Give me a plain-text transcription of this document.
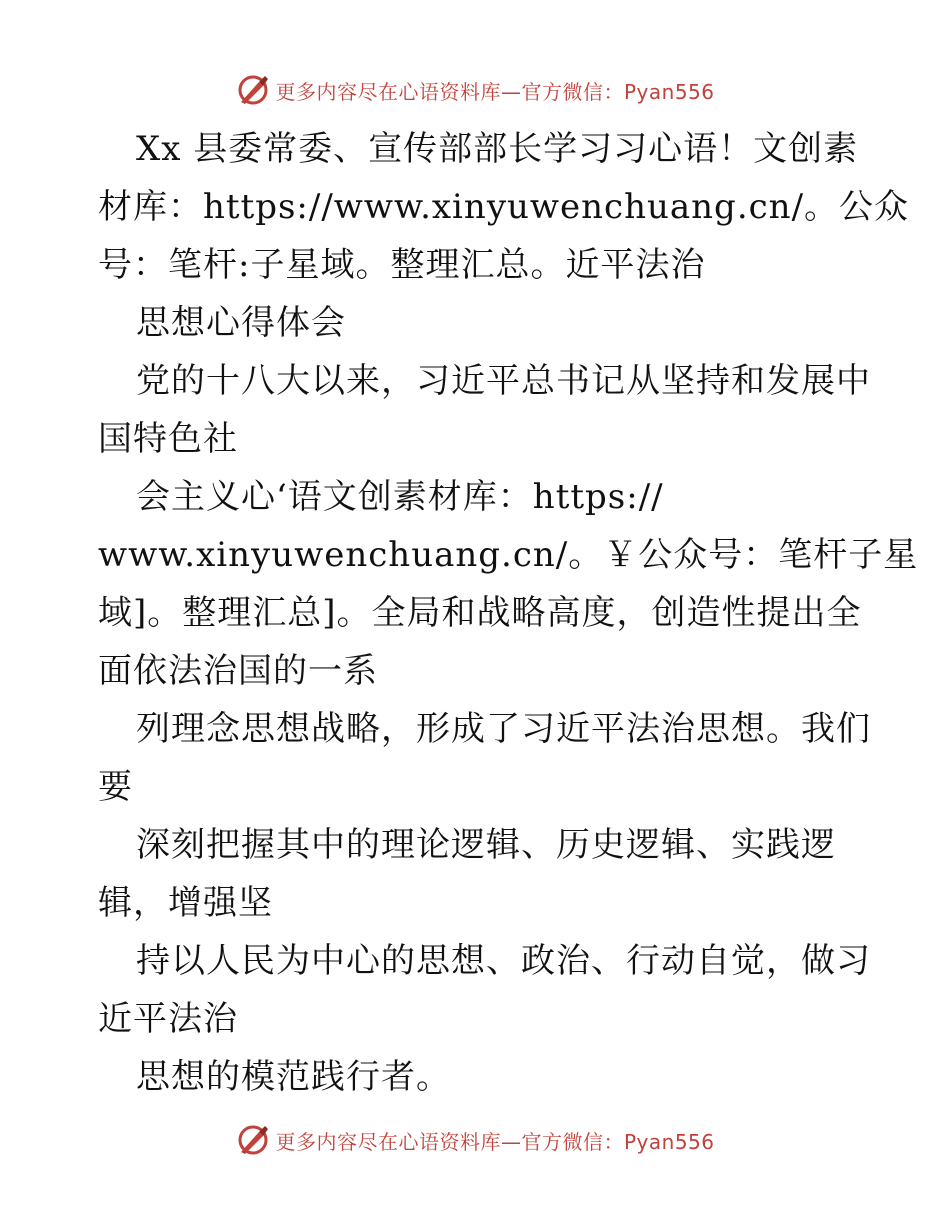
更多内容尽在心语资料库—官方微信：Pyan556
Xx 县委常委、宣传部部长学习习心语！文创素
材库：https://www.xinyuwenchuang.cn/。公众
号：笔杆:子星域。整理汇总。近平法治
思想心得体会
党的十八大以来，习近平总书记从坚持和发展中
国特色社
会主义心‘语文创素材库：https://
www.xinyuwenchuang.cn/。￥公众号：笔杆子星
域]。整理汇总]。全局和战略高度，创造性提出全
面依法治国的一系
列理念思想战略，形成了习近平法治思想。我们
要
深刻把握其中的理论逻辑、历史逻辑、实践逻
辑，增强坚
持以人民为中心的思想、政治、行动自觉，做习
近平法治
思想的模范践行者。
更多内容尽在心语资料库—官方微信：Pyan556
